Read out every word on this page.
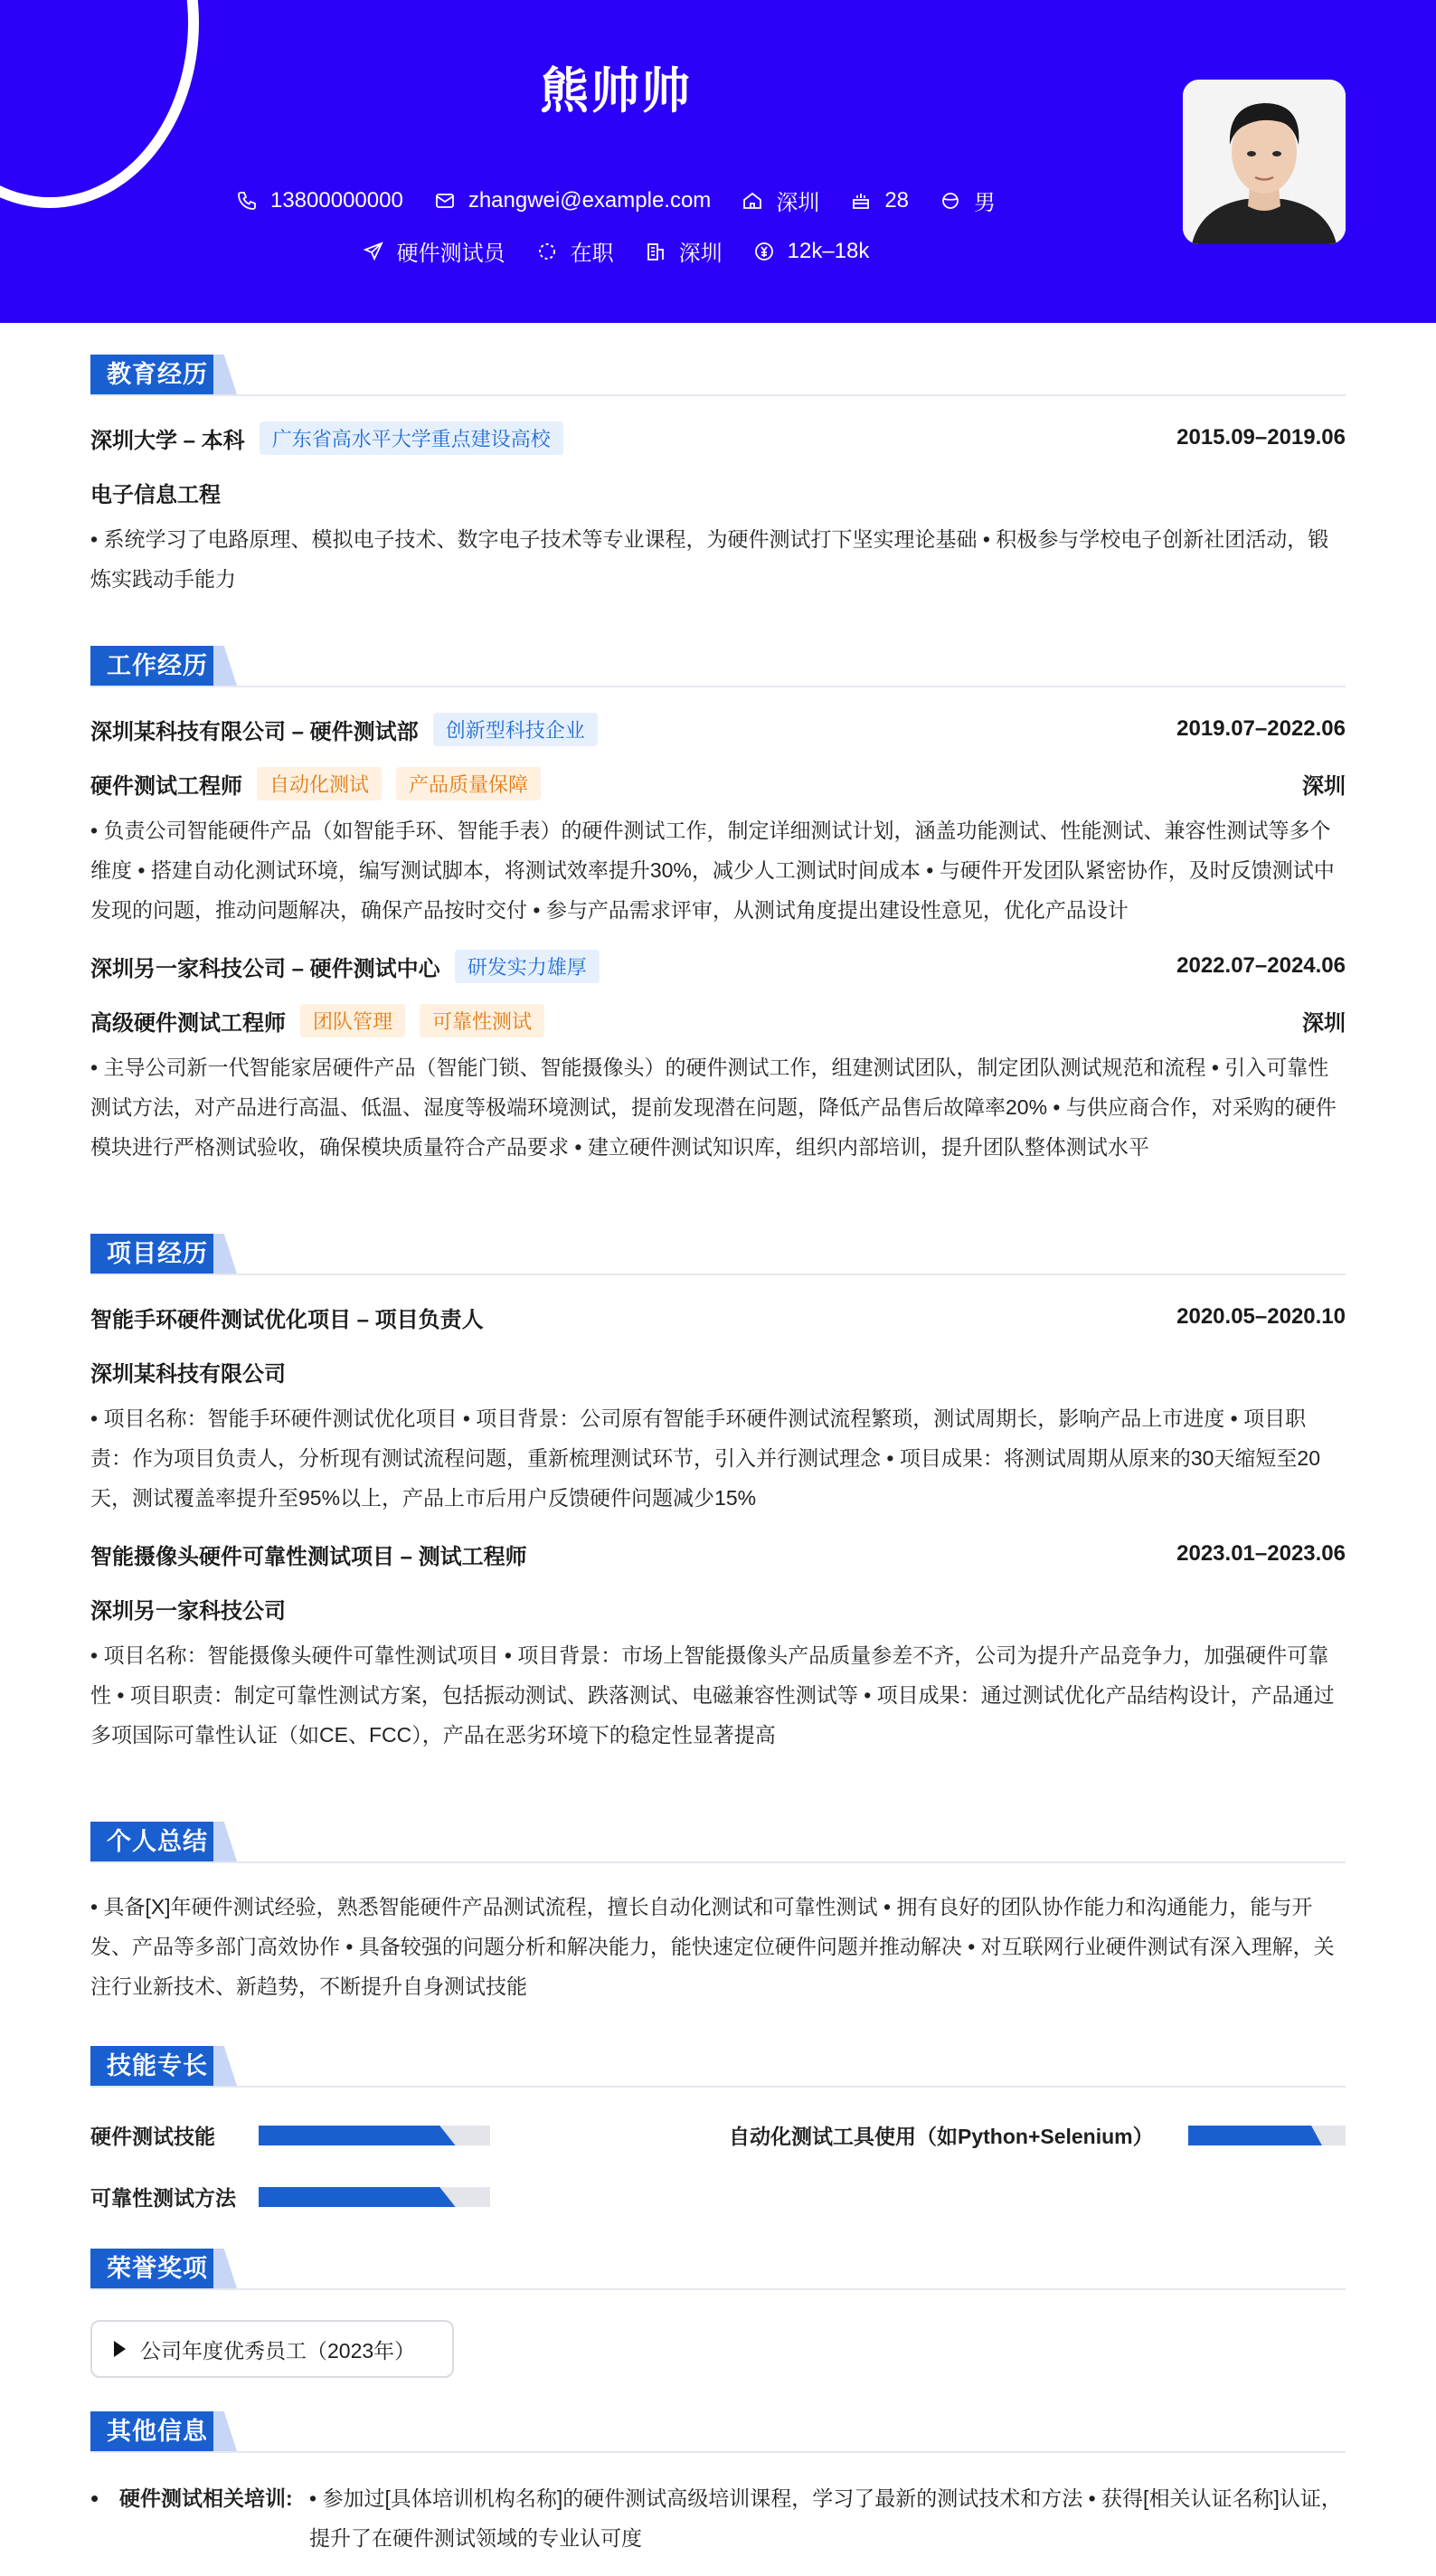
熊帅帅
13800000000	zhangwei@example.com	深圳	28	男
硬件测试员	在职	深圳	12k–18k
教育经历
深圳大学 – 本科	广东省高水平大学重点建设高校	2015.09–2019.06
电子信息工程
• 系统学习了电路原理、模拟电子技术、数字电子技术等专业课程，为硬件测试打下坚实理论基础 • 积极参与学校电子创新社团活动，锻炼实践动手能力
工作经历
深圳某科技有限公司 – 硬件测试部	创新型科技企业	2019.07–2022.06
硬件测试工程师	自动化测试	产品质量保障	深圳
• 负责公司智能硬件产品（如智能手环、智能手表）的硬件测试工作，制定详细测试计划，涵盖功能测试、性能测试、兼容性测试等多个维度 • 搭建自动化测试环境，编写测试脚本，将测试效率提升30%，减少人工测试时间成本 • 与硬件开发团队紧密协作，及时反馈测试中发现的问题，推动问题解决，确保产品按时交付 • 参与产品需求评审，从测试角度提出建设性意见，优化产品设计
深圳另一家科技公司 – 硬件测试中心	研发实力雄厚	2022.07–2024.06
高级硬件测试工程师	团队管理	可靠性测试	深圳
• 主导公司新一代智能家居硬件产品（智能门锁、智能摄像头）的硬件测试工作，组建测试团队，制定团队测试规范和流程 • 引入可靠性测试方法，对产品进行高温、低温、湿度等极端环境测试，提前发现潜在问题，降低产品售后故障率20% • 与供应商合作，对采购的硬件模块进行严格测试验收，确保模块质量符合产品要求 • 建立硬件测试知识库，组织内部培训，提升团队整体测试水平
项目经历
智能手环硬件测试优化项目 – 项目负责人	2020.05–2020.10
深圳某科技有限公司
• 项目名称：智能手环硬件测试优化项目 • 项目背景：公司原有智能手环硬件测试流程繁琐，测试周期长，影响产品上市进度 • 项目职责：作为项目负责人，分析现有测试流程问题，重新梳理测试环节，引入并行测试理念 • 项目成果：将测试周期从原来的30天缩短至20天，测试覆盖率提升至95%以上，产品上市后用户反馈硬件问题减少15%
智能摄像头硬件可靠性测试项目 – 测试工程师	2023.01–2023.06
深圳另一家科技公司
• 项目名称：智能摄像头硬件可靠性测试项目 • 项目背景：市场上智能摄像头产品质量参差不齐，公司为提升产品竞争力，加强硬件可靠性 • 项目职责：制定可靠性测试方案，包括振动测试、跌落测试、电磁兼容性测试等 • 项目成果：通过测试优化产品结构设计，产品通过多项国际可靠性认证（如CE、FCC），产品在恶劣环境下的稳定性显著提高
个人总结
• 具备[X]年硬件测试经验，熟悉智能硬件产品测试流程，擅长自动化测试和可靠性测试 • 拥有良好的团队协作能力和沟通能力，能与开发、产品等多部门高效协作 • 具备较强的问题分析和解决能力，能快速定位硬件问题并推动解决 • 对互联网行业硬件测试有深入理解，关注行业新技术、新趋势，不断提升自身测试技能
技能专长
硬件测试技能	自动化测试工具使用（如Python+Selenium）
可靠性测试方法
荣誉奖项
公司年度优秀员工（2023年）
其他信息
• 硬件测试相关培训: • 参加过[具体培训机构名称]的硬件测试高级培训课程，学习了最新的测试技术和方法 • 获得[相关认证名称]认证，提升了在硬件测试领域的专业认可度
